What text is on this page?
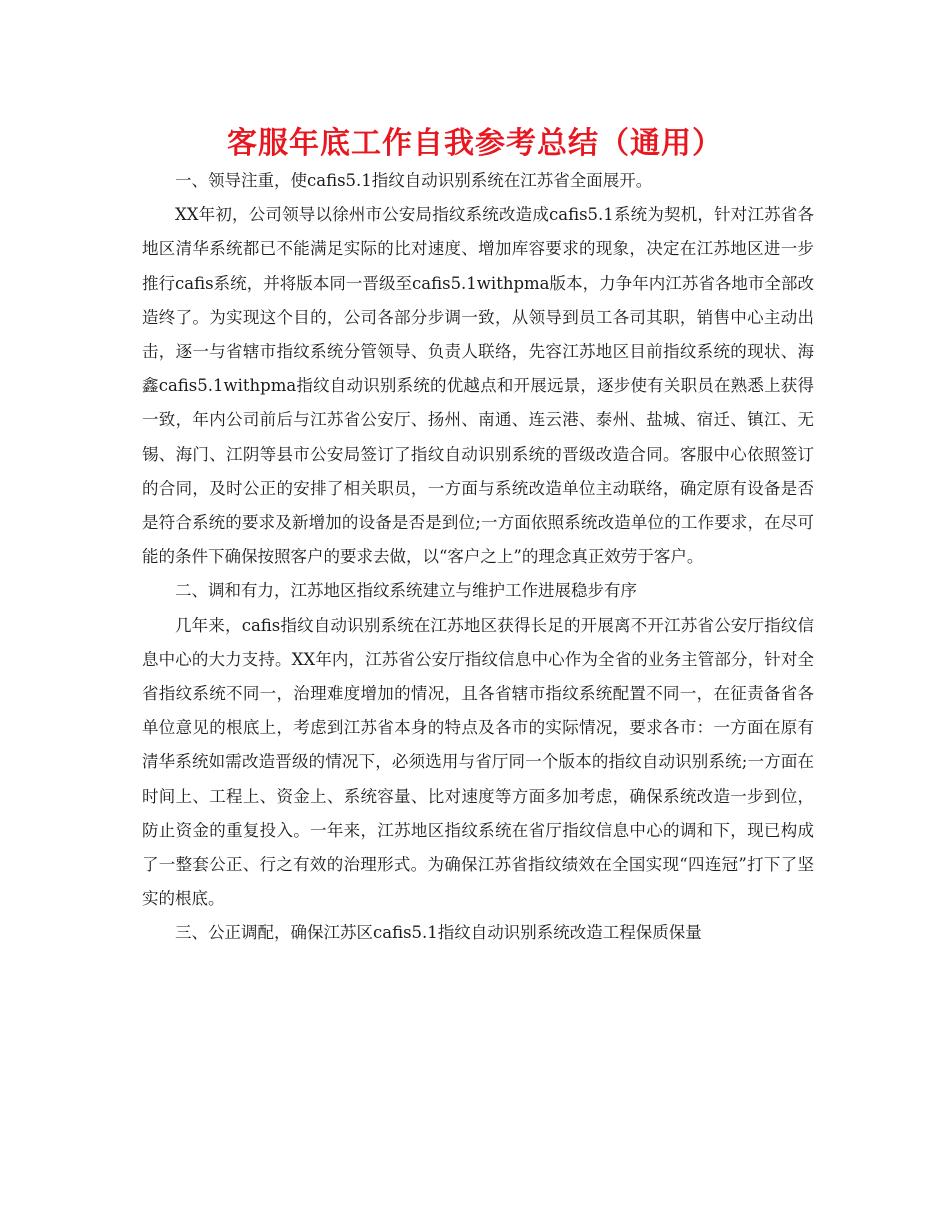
客服年底工作自我参考总结（通用）

一、领导注重，使cafis5.1指纹自动识别系统在江苏省全面展开。

XX年初，公司领导以徐州市公安局指纹系统改造成cafis5.1系统为契机，针对江苏省各地区清华系统都已不能满足实际的比对速度、增加库容要求的现象，决定在江苏地区进一步推行cafis系统，并将版本同一晋级至cafis5.1withpma版本，力争年内江苏省各地市全部改造终了。为实现这个目的，公司各部分步调一致，从领导到员工各司其职，销售中心主动出击，逐一与省辖市指纹系统分管领导、负责人联络，先容江苏地区目前指纹系统的现状、海鑫cafis5.1withpma指纹自动识别系统的优越点和开展远景，逐步使有关职员在熟悉上获得一致，年内公司前后与江苏省公安厅、扬州、南通、连云港、泰州、盐城、宿迁、镇江、无锡、海门、江阴等县市公安局签订了指纹自动识别系统的晋级改造合同。客服中心依照签订的合同，及时公正的安排了相关职员，一方面与系统改造单位主动联络，确定原有设备是否是符合系统的要求及新增加的设备是否是到位;一方面依照系统改造单位的工作要求，在尽可能的条件下确保按照客户的要求去做，以“客户之上”的理念真正效劳于客户。

二、调和有力，江苏地区指纹系统建立与维护工作进展稳步有序

几年来，cafis指纹自动识别系统在江苏地区获得长足的开展离不开江苏省公安厅指纹信息中心的大力支持。XX年内，江苏省公安厅指纹信息中心作为全省的业务主管部分，针对全省指纹系统不同一，治理难度增加的情况，且各省辖市指纹系统配置不同一，在征责备省各单位意见的根底上，考虑到江苏省本身的特点及各市的实际情况，要求各市：一方面在原有清华系统如需改造晋级的情况下，必须选用与省厅同一个版本的指纹自动识别系统;一方面在时间上、工程上、资金上、系统容量、比对速度等方面多加考虑，确保系统改造一步到位，防止资金的重复投入。一年来，江苏地区指纹系统在省厅指纹信息中心的调和下，现已构成了一整套公正、行之有效的治理形式。为确保江苏省指纹绩效在全国实现“四连冠”打下了坚实的根底。

三、公正调配，确保江苏区cafis5.1指纹自动识别系统改造工程保质保量
